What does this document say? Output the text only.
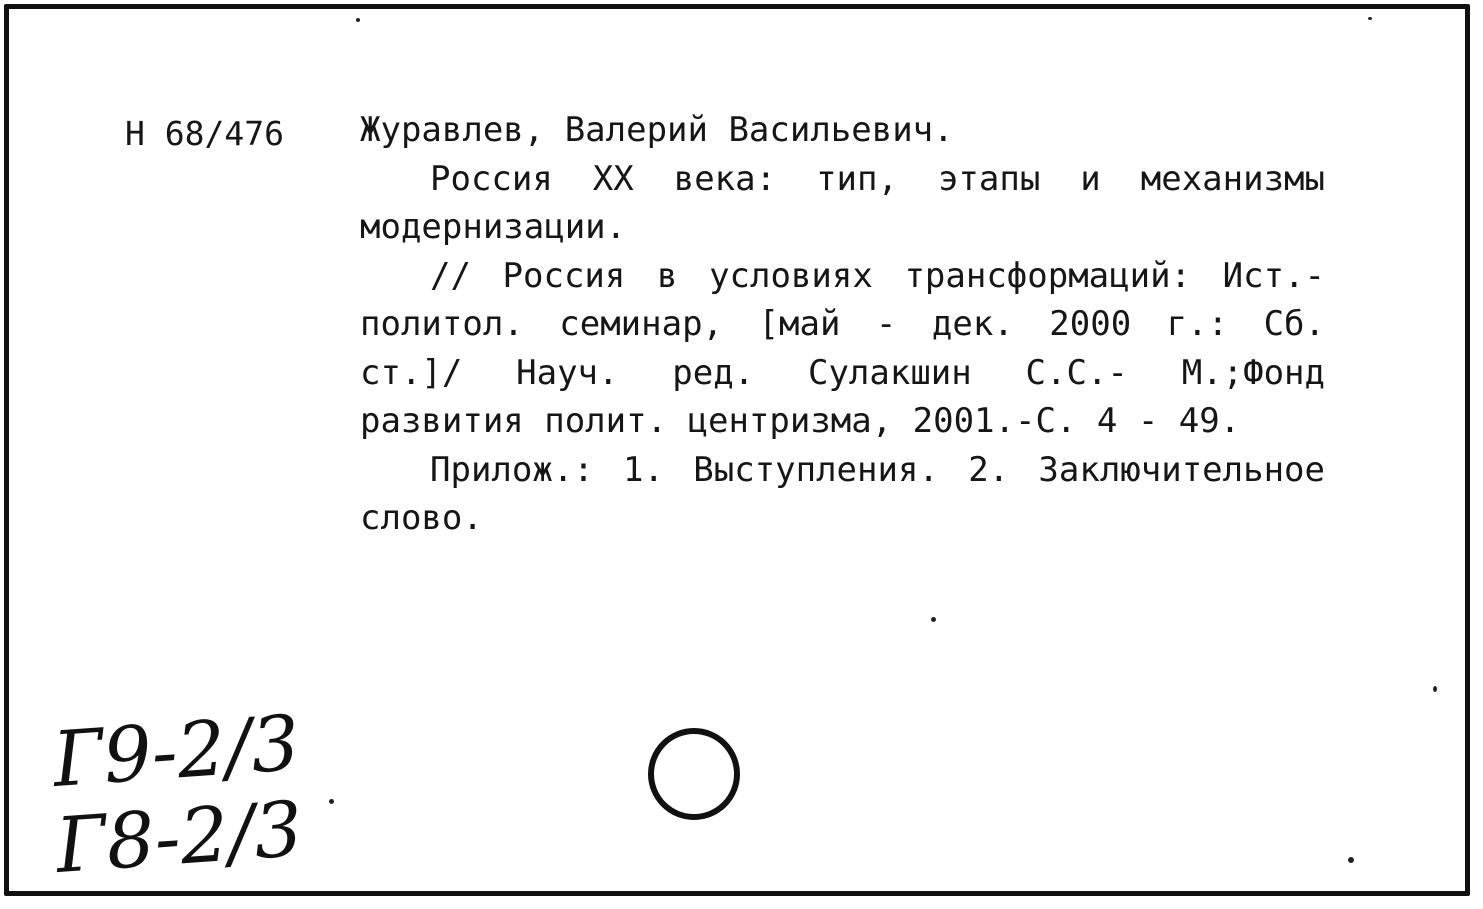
Н 68/476 Журавлев, Валерий Васильевич.
Россия ХХ века: тип, этапы и механизмы
модернизации.
// Россия в условиях трансформаций: Ист.-
политол. семинар, [май - дек. 2000 г.: Сб.
ст.]/ Науч. ред. Сулакшин С.С.- М.;Фонд
развития полит. центризма, 2001.-С. 4 - 49.
Прилож.: 1. Выступления. 2. Заключительное
слово.
Г9-2/3
Г8-2/3
